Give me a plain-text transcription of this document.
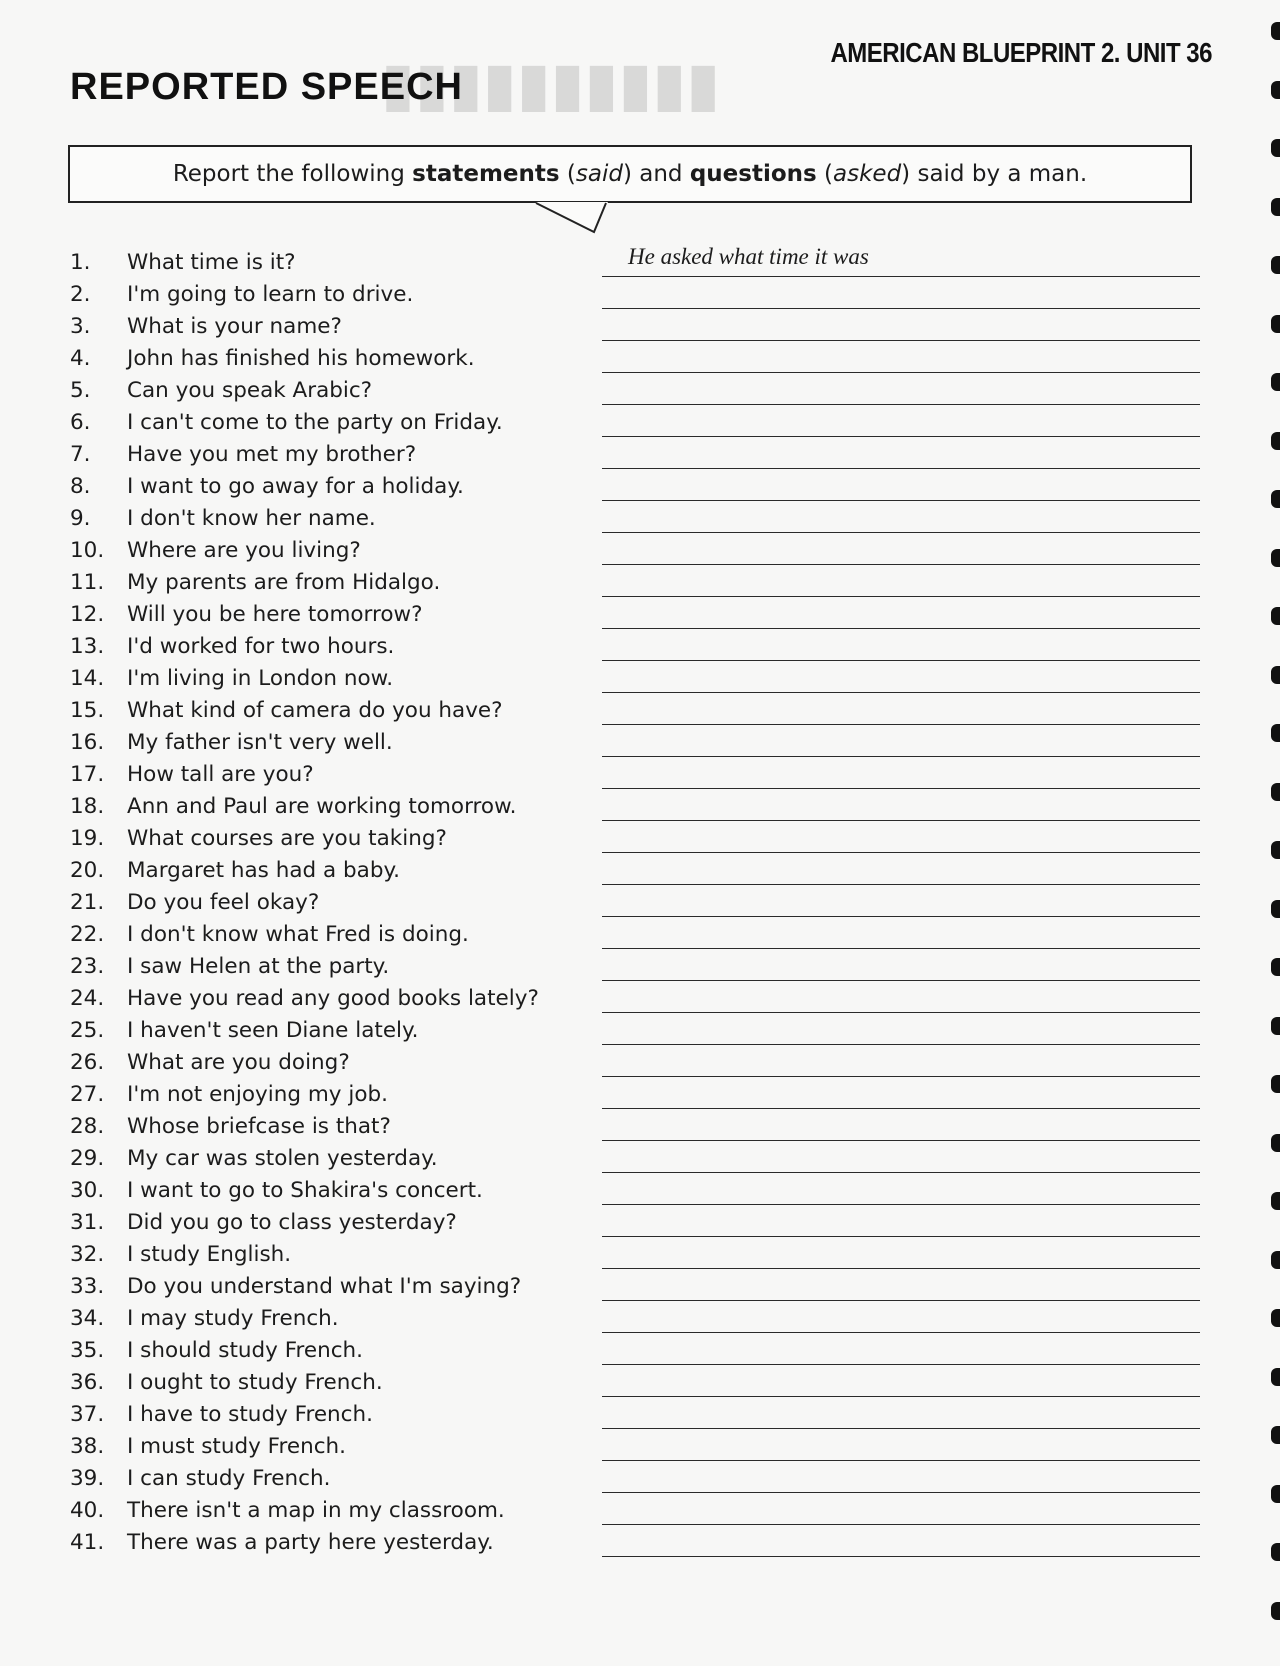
▮▮▮▮▮▮▮▮▮▮	AMERICAN BLUEPRINT 2. UNIT 36
REPORTED SPEECH
Report the following statements (said) and questions (asked) said by a man.
He asked what time it was
1.	What time is it?
2.	I'm going to learn to drive.
3.	What is your name?
4.	John has finished his homework.
5.	Can you speak Arabic?
6.	I can't come to the party on Friday.
7.	Have you met my brother?
8.	I want to go away for a holiday.
9.	I don't know her name.
10.	Where are you living?
11.	My parents are from Hidalgo.
12.	Will you be here tomorrow?
13.	I'd worked for two hours.
14.	I'm living in London now.
15.	What kind of camera do you have?
16.	My father isn't very well.
17.	How tall are you?
18.	Ann and Paul are working tomorrow.
19.	What courses are you taking?
20.	Margaret has had a baby.
21.	Do you feel okay?
22.	I don't know what Fred is doing.
23.	I saw Helen at the party.
24.	Have you read any good books lately?
25.	I haven't seen Diane lately.
26.	What are you doing?
27.	I'm not enjoying my job.
28.	Whose briefcase is that?
29.	My car was stolen yesterday.
30.	I want to go to Shakira's concert.
31.	Did you go to class yesterday?
32.	I study English.
33.	Do you understand what I'm saying?
34.	I may study French.
35.	I should study French.
36.	I ought to study French.
37.	I have to study French.
38.	I must study French.
39.	I can study French.
40.	There isn't a map in my classroom.
41.	There was a party here yesterday.
